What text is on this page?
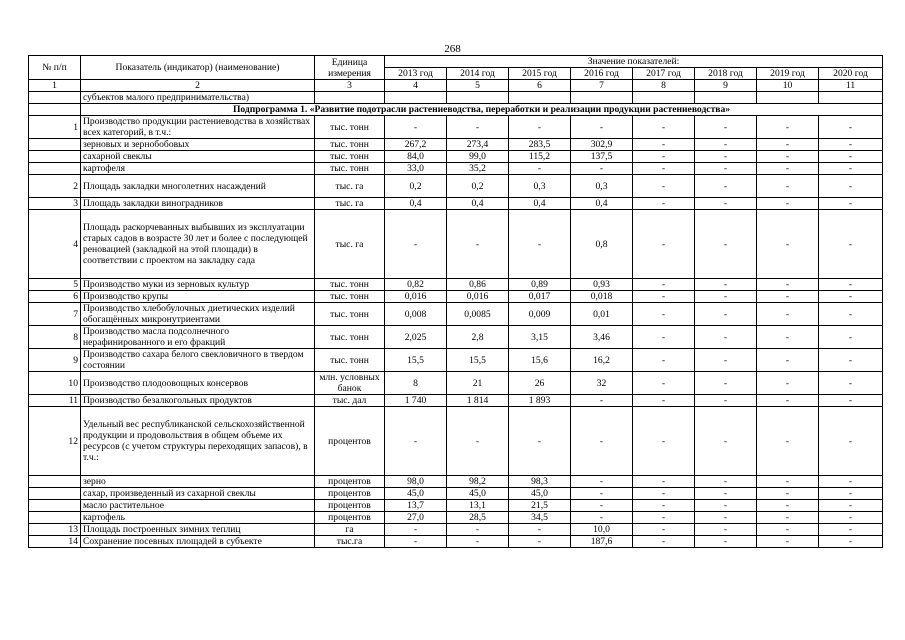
268
№ п/п	Показатель (индикатор) (наименование)	Единица измерения	Значение показателей:							
			2013 год	2014 год	2015 год	2016 год	2017 год	2018 год	2019 год	2020 год
1	2	3	4	5	6	7	8	9	10	11
	субъектов малого предпринимательства)									
	Подпрограмма 1. «Развитие подотрасли растениеводства, переработки и реализации продукции растениеводства»									
1	Производство продукции растениеводства в хозяйствах всех категорий, в т.ч.:	тыс. тонн	-	-	-	-	-	-	-	-
	зерновых и зернобобовых	тыс. тонн	267,2	273,4	283,5	302,9	-	-	-	-
	сахарной свеклы	тыс. тонн	84,0	99,0	115,2	137,5	-	-	-	-
	картофеля	тыс. тонн	33,0	35,2	-	-	-	-	-	-
2	Площадь закладки многолетних насаждений	тыс. га	0,2	0,2	0,3	0,3	-	-	-	-
3	Площадь закладки виноградников	тыс. га	0,4	0,4	0,4	0,4	-	-	-	-
4	Площадь раскорчеванных выбывших из эксплуатации старых садов в возрасте 30 лет и более с последующей реновацией (закладкой на этой площади) в соответствии с проектом на закладку сада	тыс. га	-	-	-	0,8	-	-	-	-
5	Производство муки из зерновых культур	тыс. тонн	0,82	0,86	0,89	0,93	-	-	-	-
6	Производство крупы	тыс. тонн	0,016	0,016	0,017	0,018	-	-	-	-
7	Производство хлебобулочных диетических изделий обогащённых микронутриентами	тыс. тонн	0,008	0,0085	0,009	0,01	-	-	-	-
8	Производство масла подсолнечного нерафинированного и его фракций	тыс. тонн	2,025	2,8	3,15	3,46	-	-	-	-
9	Производство сахара белого свекловичного в твердом состоянии	тыс. тонн	15,5	15,5	15,6	16,2	-	-	-	-
10	Производство плодоовощных консервов	млн. условных банок	8	21	26	32	-	-	-	-
11	Производство безалкогольных продуктов	тыс. дал	1 740	1 814	1 893	-	-	-	-	-
12	Удельный вес республиканской сельскохозяйственной продукции и продовольствия в общем объеме их ресурсов (с учетом структуры переходящих запасов), в т.ч.:	процентов	-	-	-	-	-	-	-	-
	зерно	процентов	98,0	98,2	98,3	-	-	-	-	-
	сахар, произведенный из сахарной свеклы	процентов	45,0	45,0	45,0	-	-	-	-	-
	масло растительное	процентов	13,7	13,1	21,5	-	-	-	-	-
	картофель	процентов	27,0	28,5	34,5	-	-	-	-	-
13	Площадь построенных зимних теплиц	га	-	-	-	10,0	-	-	-	-
14	Сохранение посевных площадей в субъекте	тыс.га	-	-	-	187,6	-	-	-	-
